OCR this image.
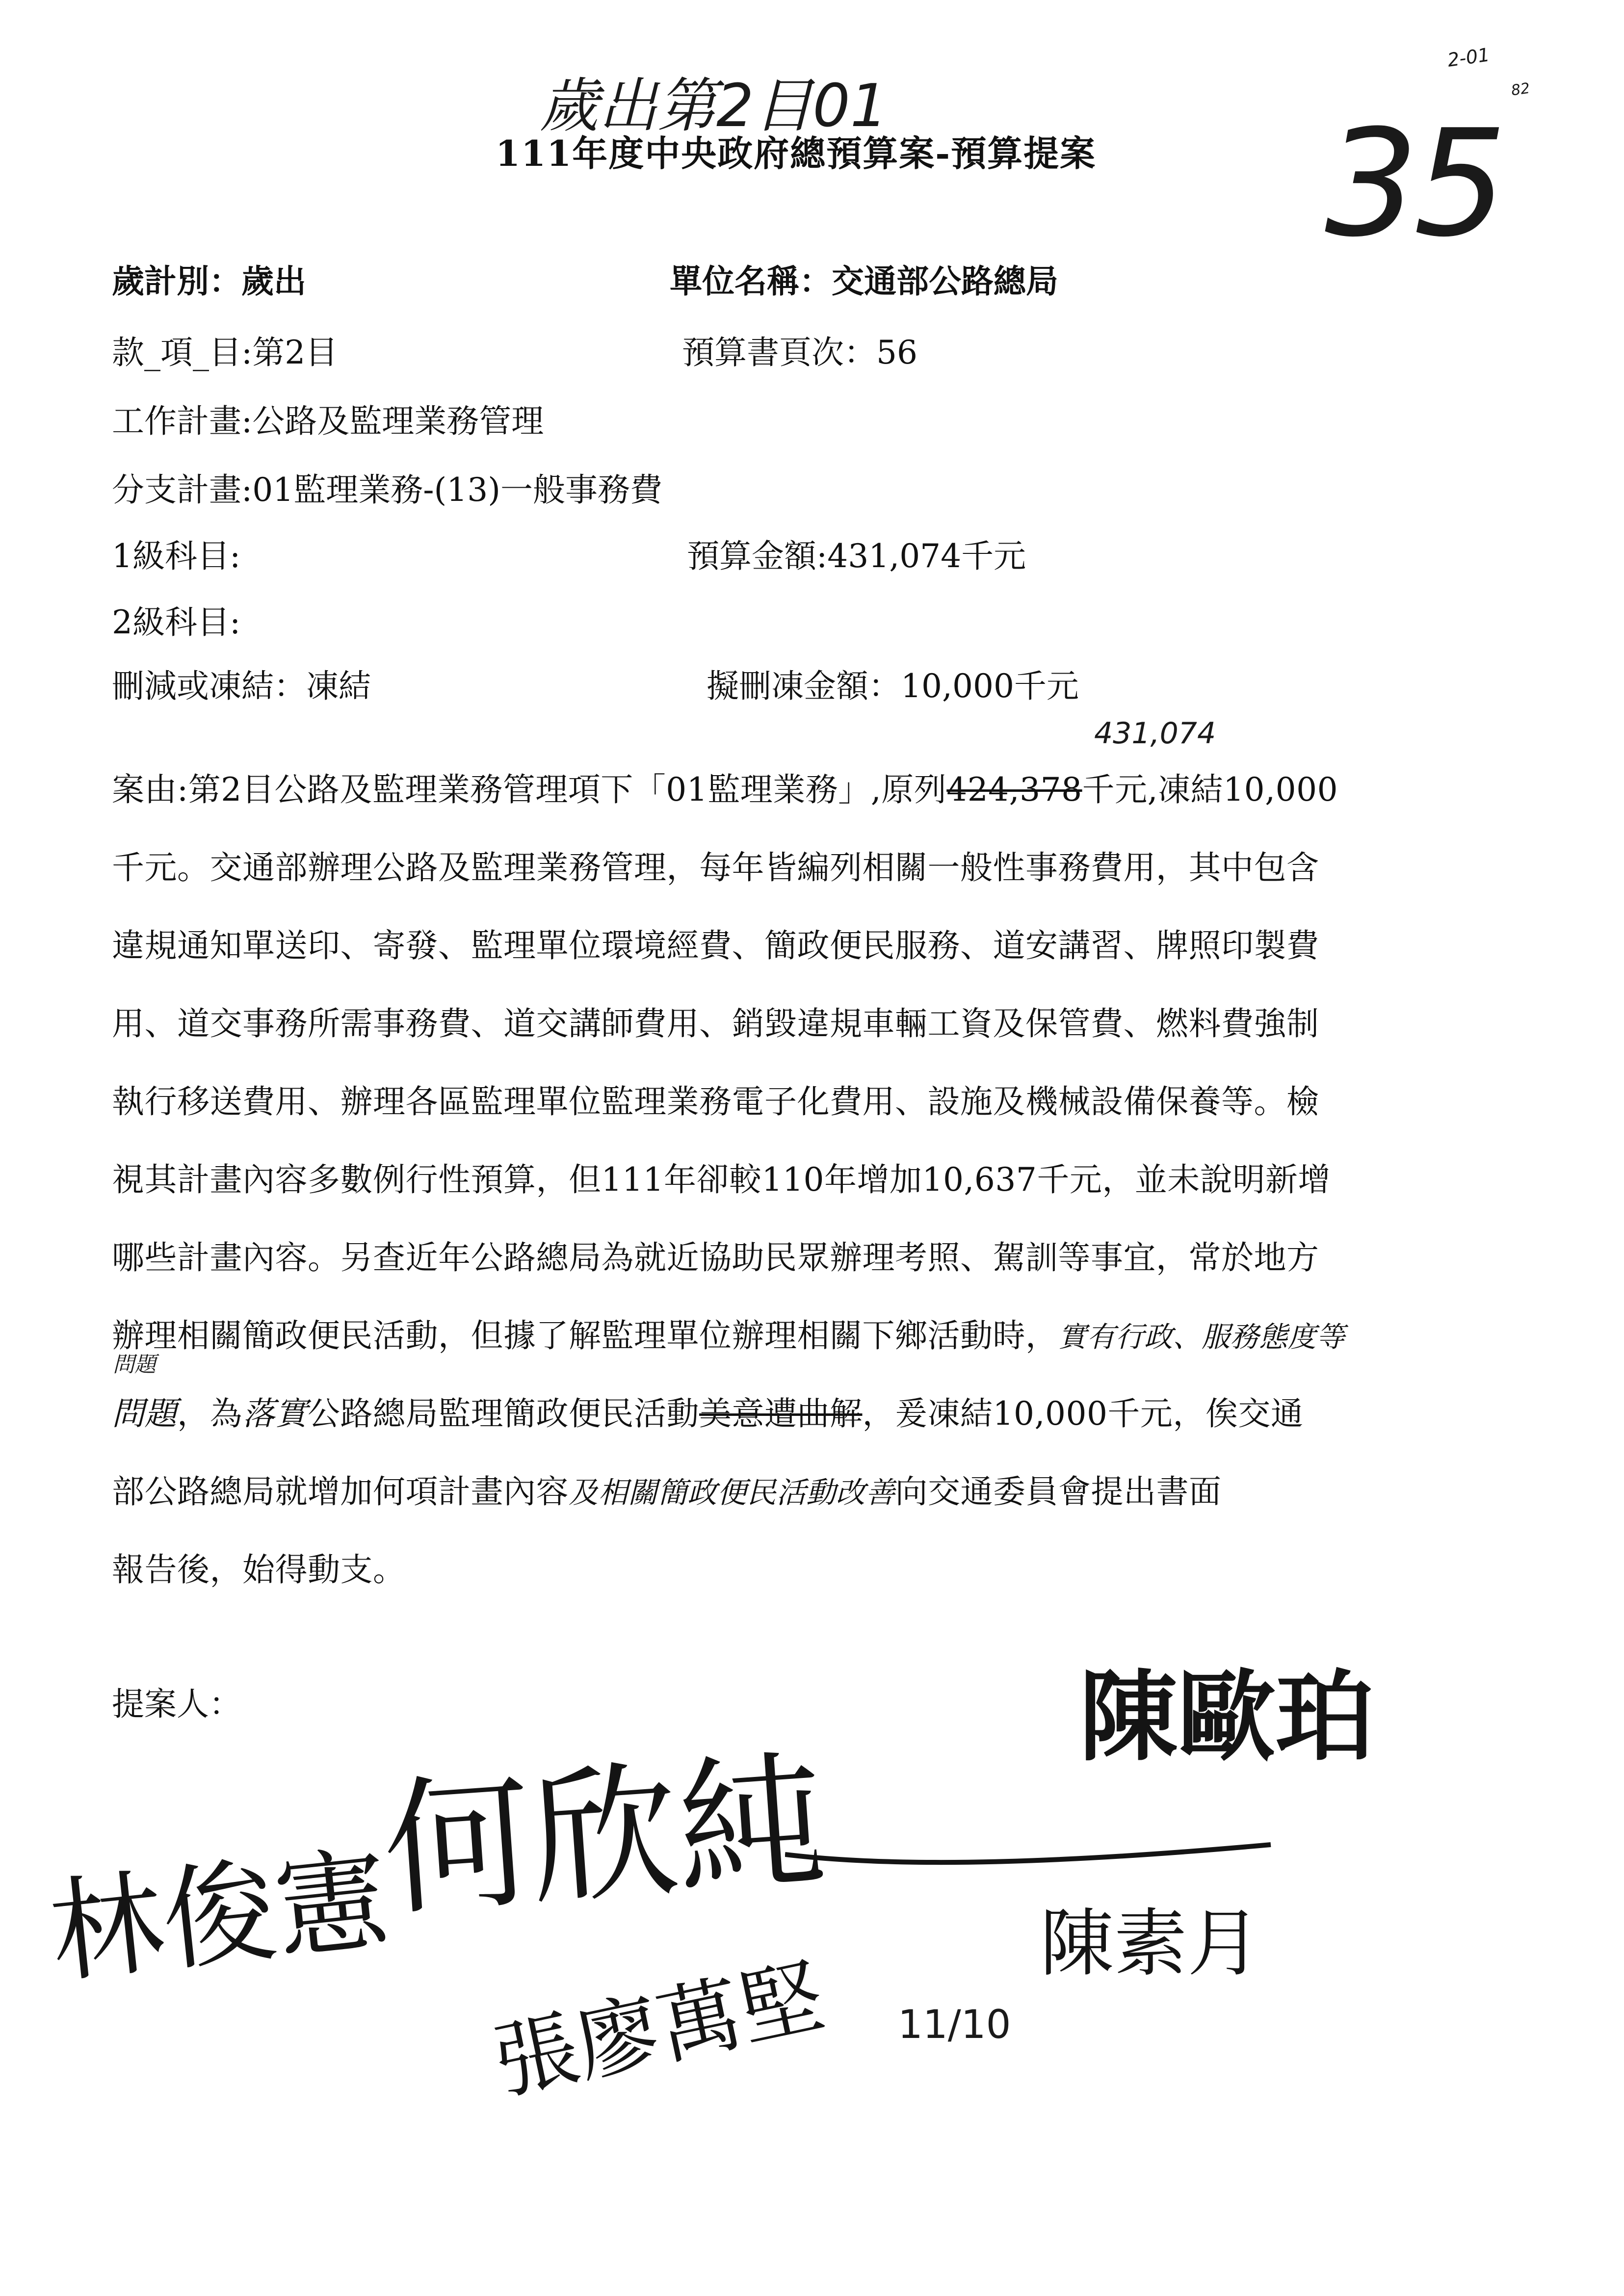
歲出第2目01	35
2-01
82
111年度中央政府總預算案-預算提案
歲計別：歲出	單位名稱：交通部公路總局
款_項_目:第2目	預算書頁次：56
工作計畫:公路及監理業務管理
分支計畫:01監理業務-(13)一般事務費
1級科目:	預算金額:431,074千元
2級科目:
刪減或凍結：凍結	擬刪凍金額：10,000千元
431,074
案由:第2目公路及監理業務管理項下「01監理業務」,原列424,378千元,凍結10,000
千元。交通部辦理公路及監理業務管理，每年皆編列相關一般性事務費用，其中包含
違規通知單送印、寄發、監理單位環境經費、簡政便民服務、道安講習、牌照印製費
用、道交事務所需事務費、道交講師費用、銷毀違規車輛工資及保管費、燃料費強制
執行移送費用、辦理各區監理單位監理業務電子化費用、設施及機械設備保養等。檢
視其計畫內容多數例行性預算，但111年卻較110年增加10,637千元，並未說明新增
哪些計畫內容。另查近年公路總局為就近協助民眾辦理考照、駕訓等事宜，常於地方
辦理相關簡政便民活動，但據了解監理單位辦理相關下鄉活動時，實有行政、服務態度等
問題，為落實公路總局監理簡政便民活動美意遭曲解，爰凍結10,000千元，俟交通
部公路總局就增加何項計畫內容及相關簡政便民活動改善向交通委員會提出書面
報告後，始得動支。
問題
提案人：
何欣純
陳歐珀
林俊憲	陳素月
張廖萬堅 11/10
